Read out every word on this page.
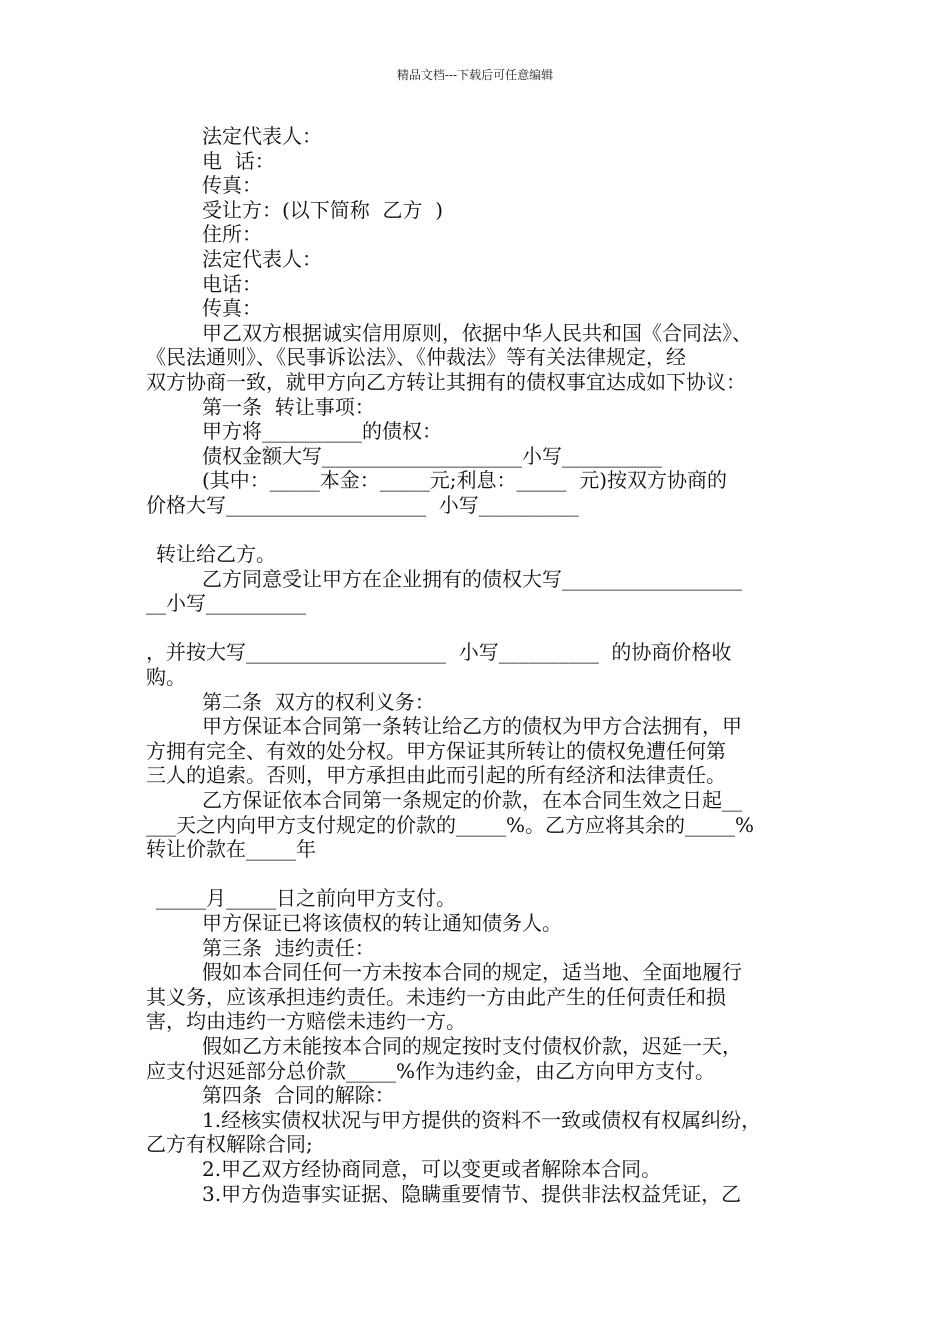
精品文档---下载后可任意编辑
法定代表人：
电  话：
传真：
受让方：(以下简称  乙方  )
住所：
法定代表人：
电话：
传真：
甲乙双方根据诚实信用原则，依据中华人民共和国《合同法》、
《民法通则》、《民事诉讼法》、《仲裁法》等有关法律规定，经
双方协商一致，就甲方向乙方转让其拥有的债权事宜达成如下协议：
第一条  转让事项：
甲方将__________的债权：
债权金额大写____________________小写__________
(其中：_____本金：_____元;利息：_____  元)按双方协商的
价格大写____________________  小写__________
转让给乙方。
乙方同意受让甲方在企业拥有的债权大写__________________
__小写__________
，并按大写____________________  小写__________  的协商价格收
购。
第二条  双方的权利义务：
甲方保证本合同第一条转让给乙方的债权为甲方合法拥有，甲
方拥有完全、有效的处分权。甲方保证其所转让的债权免遭任何第
三人的追索。否则，甲方承担由此而引起的所有经济和法律责任。
乙方保证依本合同第一条规定的价款，在本合同生效之日起__
___天之内向甲方支付规定的价款的_____%。乙方应将其余的_____%
转让价款在_____年
_____月_____日之前向甲方支付。
甲方保证已将该债权的转让通知债务人。
第三条  违约责任：
假如本合同任何一方未按本合同的规定，适当地、全面地履行
其义务，应该承担违约责任。未违约一方由此产生的任何责任和损
害，均由违约一方赔偿未违约一方。
假如乙方未能按本合同的规定按时支付债权价款，迟延一天，
应支付迟延部分总价款_____%作为违约金，由乙方向甲方支付。
第四条  合同的解除：
1.经核实债权状况与甲方提供的资料不一致或债权有权属纠纷，
乙方有权解除合同;
2.甲乙双方经协商同意，可以变更或者解除本合同。
3.甲方伪造事实证据、隐瞒重要情节、提供非法权益凭证，乙
